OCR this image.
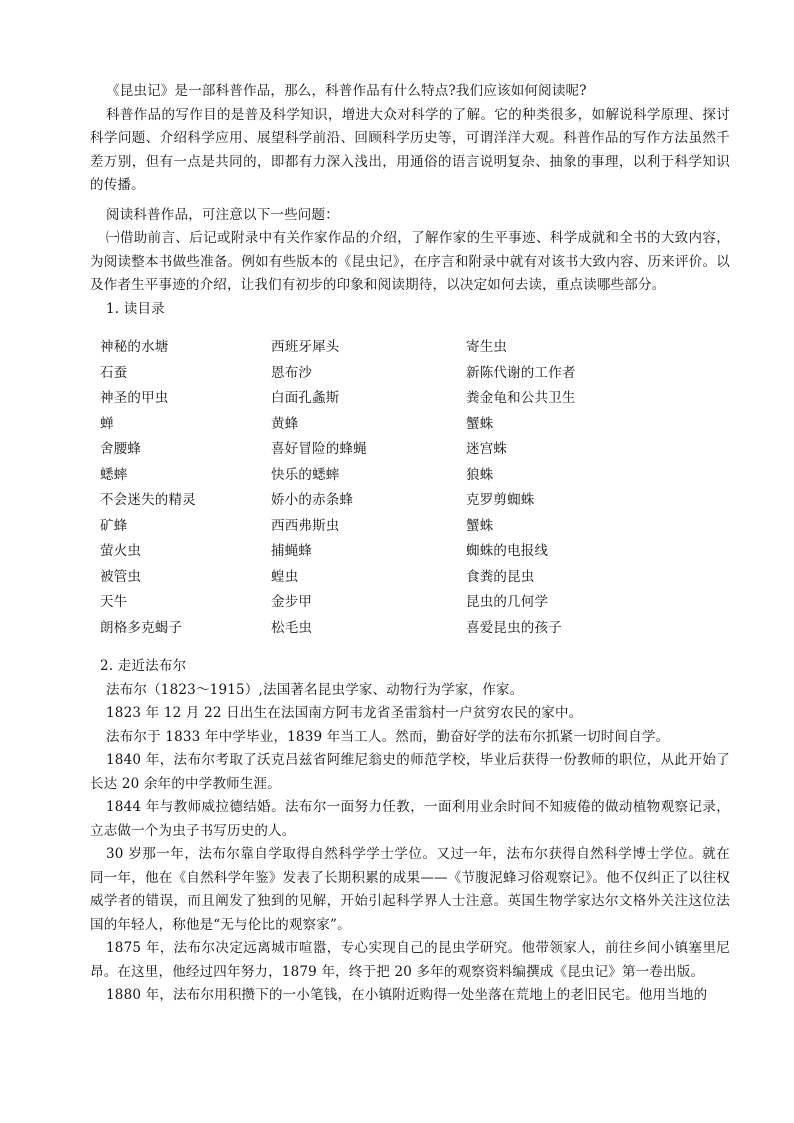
《昆虫记》是一部科普作品，那么，科普作品有什么特点?我们应该如何阅读呢?

科普作品的写作目的是普及科学知识，增进大众对科学的了解。它的种类很多，如解说科学原理、探讨科学问题、介绍科学应用、展望科学前沿、回顾科学历史等，可谓洋洋大观。科普作品的写作方法虽然千差万别，但有一点是共同的，即都有力深入浅出，用通俗的语言说明复杂、抽象的事理，以利于科学知识的传播。

阅读科普作品，可注意以下一些问题：

㈠借助前言、后记或附录中有关作家作品的介绍，了解作家的生平事迹、科学成就和全书的大致内容，为阅读整本书做些准备。例如有些版本的《昆虫记》，在序言和附录中就有对该书大致内容、历来评价。以及作者生平事迹的介绍，让我们有初步的印象和阅读期待，以决定如何去读，重点读哪些部分。

1. 读目录

神秘的水塘	西班牙犀头	寄生虫
石蚕	恩布沙	新陈代谢的工作者
神圣的甲虫	白面孔螽斯	粪金龟和公共卫生
蝉	黄蜂	蟹蛛
舍腰蜂	喜好冒险的蜂蝇	迷宫蛛
蟋蟀	快乐的蟋蟀	狼蛛
不会迷失的精灵	娇小的赤条蜂	克罗剪蜘蛛
矿蜂	西西弗斯虫	蟹蛛
萤火虫	捕蝇蜂	蜘蛛的电报线
被管虫	蝗虫	食粪的昆虫
天牛	金步甲	昆虫的几何学
朗格多克蝎子	松毛虫	喜爱昆虫的孩子

2. 走近法布尔

法布尔（1823～1915）,法国著名昆虫学家、动物行为学家，作家。

1823 年 12 月 22 日出生在法国南方阿韦龙省圣雷翁村一户贫穷农民的家中。

法布尔于 1833 年中学毕业，1839 年当工人。然而，勤奋好学的法布尔抓紧一切时间自学。

1840 年，法布尔考取了沃克吕兹省阿维尼翁史的师范学校，毕业后获得一份教师的职位，从此开始了长达 20 余年的中学教师生涯。

1844 年与教师威拉德结婚。法布尔一面努力任教，一面利用业余时间不知疲倦的做动植物观察记录，立志做一个为虫子书写历史的人。

30 岁那一年，法布尔靠自学取得自然科学学士学位。又过一年，法布尔获得自然科学博士学位。就在同一年，他在《自然科学年鉴》发表了长期积累的成果——《节腹泥蜂习俗观察记》。他不仅纠正了以往权威学者的错误，而且阐发了独到的见解，开始引起科学界人士注意。英国生物学家达尔文格外关注这位法国的年轻人，称他是“无与伦比的观察家”。

1875 年，法布尔决定远离城市喧嚣，专心实现自己的昆虫学研究。他带领家人，前往乡间小镇塞里尼昂。在这里，他经过四年努力，1879 年，终于把 20 多年的观察资料编撰成《昆虫记》第一卷出版。

1880 年，法布尔用积攒下的一小笔钱，在小镇附近购得一处坐落在荒地上的老旧民宅。他用当地的
